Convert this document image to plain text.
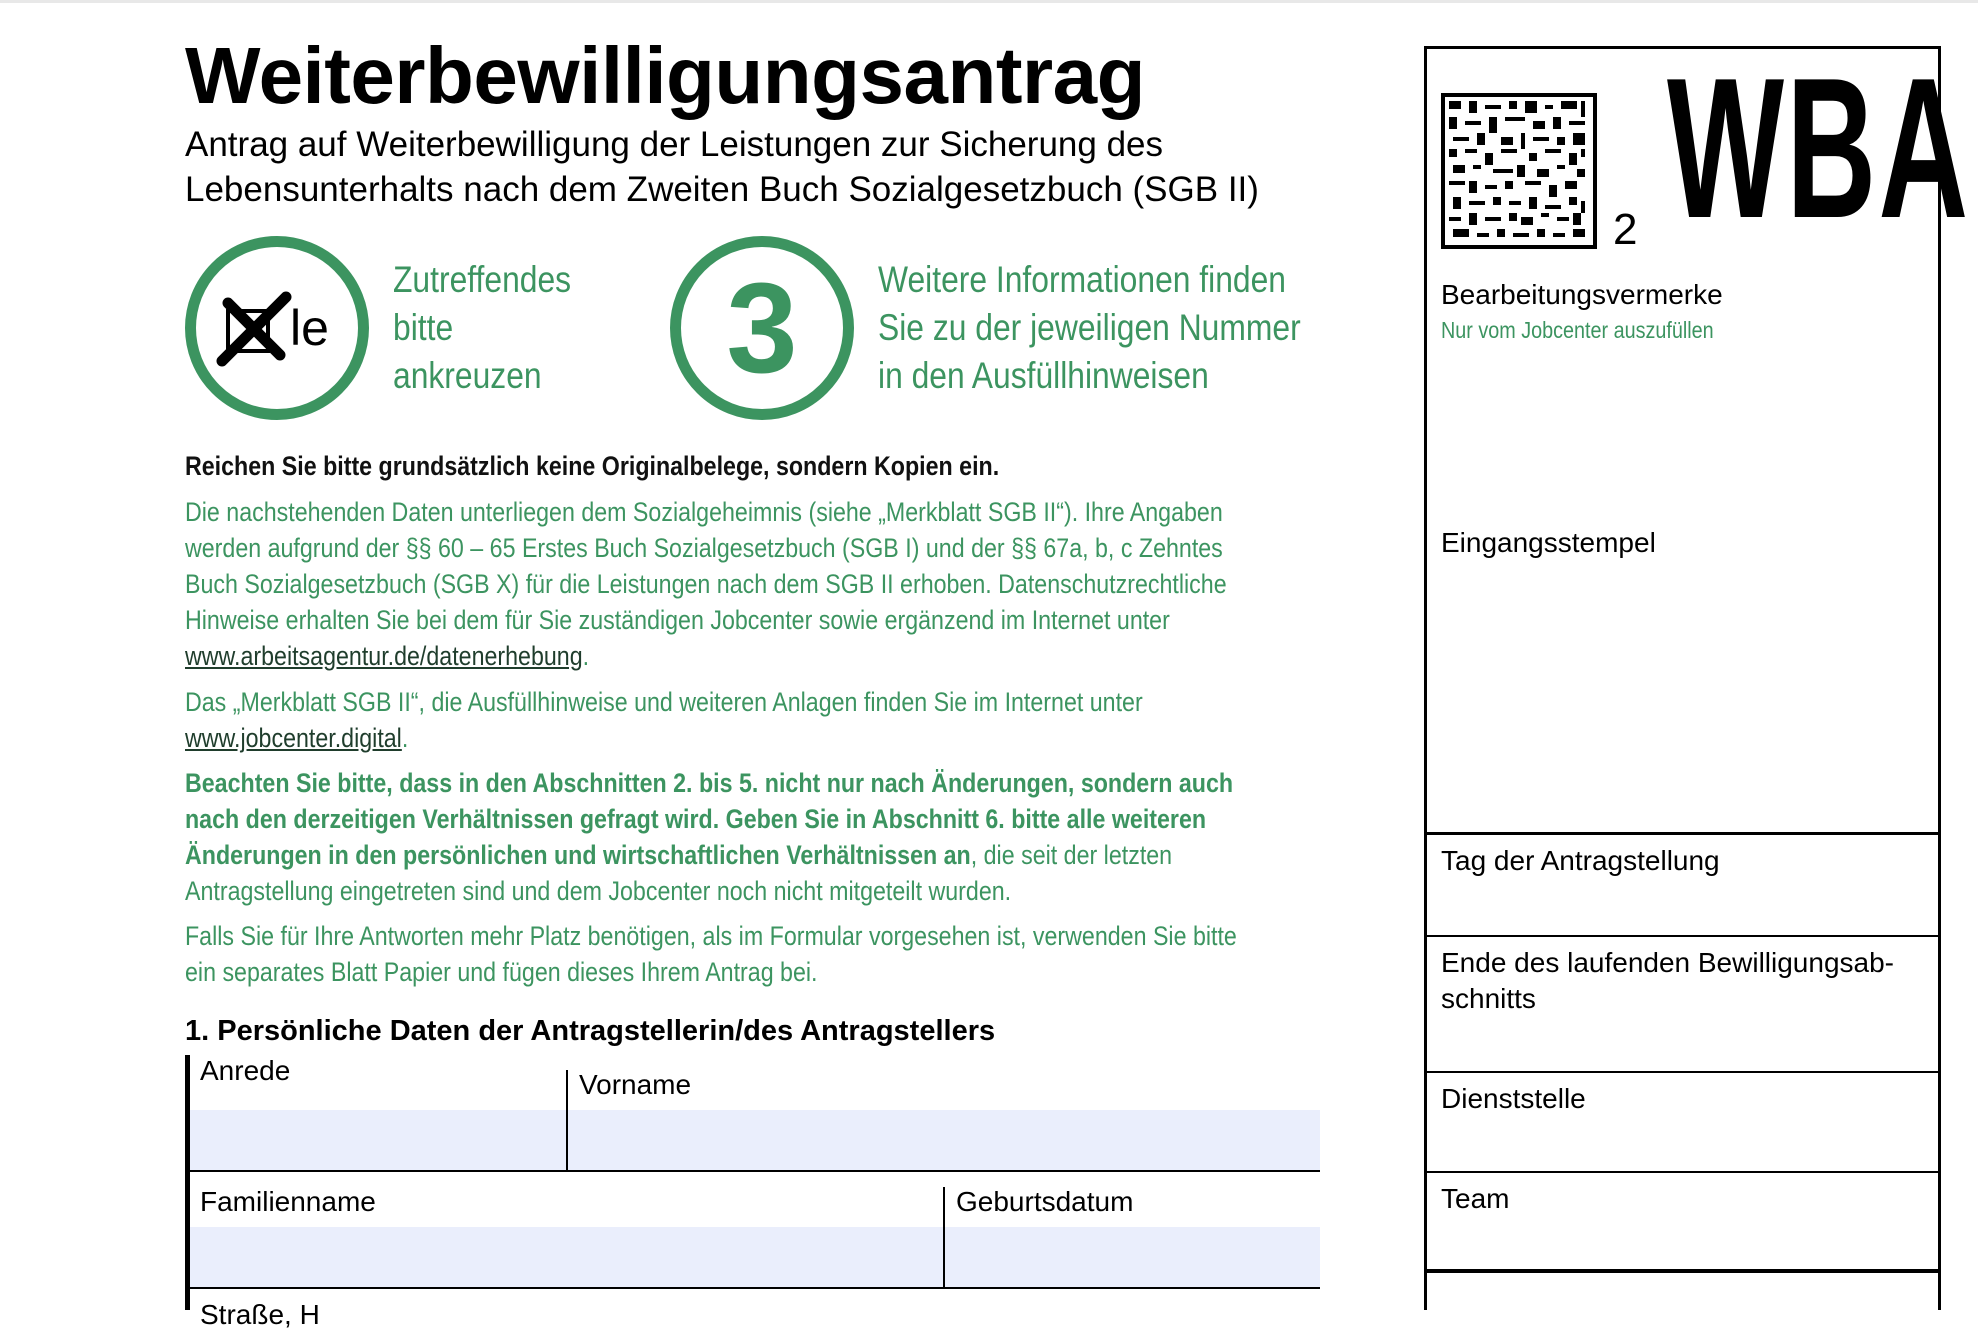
Weiterbewilligungsantrag
Antrag auf Weiterbewilligung der Leistungen zur Sicherung des
Lebensunterhalts nach dem Zweiten Buch Sozialgesetzbuch (SGB II)
le
Zutreffendes
bitte
ankreuzen	3	Weitere Informationen finden
Sie zu der jeweiligen Nummer
in den Ausfüllhinweisen
Reichen Sie bitte grundsätzlich keine Originalbelege, sondern Kopien ein.
Die nachstehenden Daten unterliegen dem Sozialgeheimnis (siehe „Merkblatt SGB II“). Ihre Angaben
werden aufgrund der §§ 60 – 65 Erstes Buch Sozialgesetzbuch (SGB I) und der §§ 67a, b, c Zehntes
Buch Sozialgesetzbuch (SGB X) für die Leistungen nach dem SGB II erhoben. Datenschutzrechtliche
Hinweise erhalten Sie bei dem für Sie zuständigen Jobcenter sowie ergänzend im Internet unter
www.arbeitsagentur.de/datenerhebung.
Das „Merkblatt SGB II“, die Ausfüllhinweise und weiteren Anlagen finden Sie im Internet unter
www.jobcenter.digital.
Beachten Sie bitte, dass in den Abschnitten 2. bis 5. nicht nur nach Änderungen, sondern auch
nach den derzeitigen Verhältnissen gefragt wird. Geben Sie in Abschnitt 6. bitte alle weiteren
Änderungen in den persönlichen und wirtschaftlichen Verhältnissen an, die seit der letzten
Antragstellung eingetreten sind und dem Jobcenter noch nicht mitgeteilt wurden.
Falls Sie für Ihre Antworten mehr Platz benötigen, als im Formular vorgesehen ist, verwenden Sie bitte
ein separates Blatt Papier und fügen dieses Ihrem Antrag bei.
1. Persönliche Daten der Antragstellerin/des Antragstellers
Anrede	Vorname
Familienname	Geburtsdatum
Straße, H
2 WBA
Bearbeitungsvermerke
Nur vom Jobcenter auszufüllen
Eingangsstempel
Tag der Antragstellung
Ende des laufenden Bewilligungsab-
schnitts
Dienststelle
Team
